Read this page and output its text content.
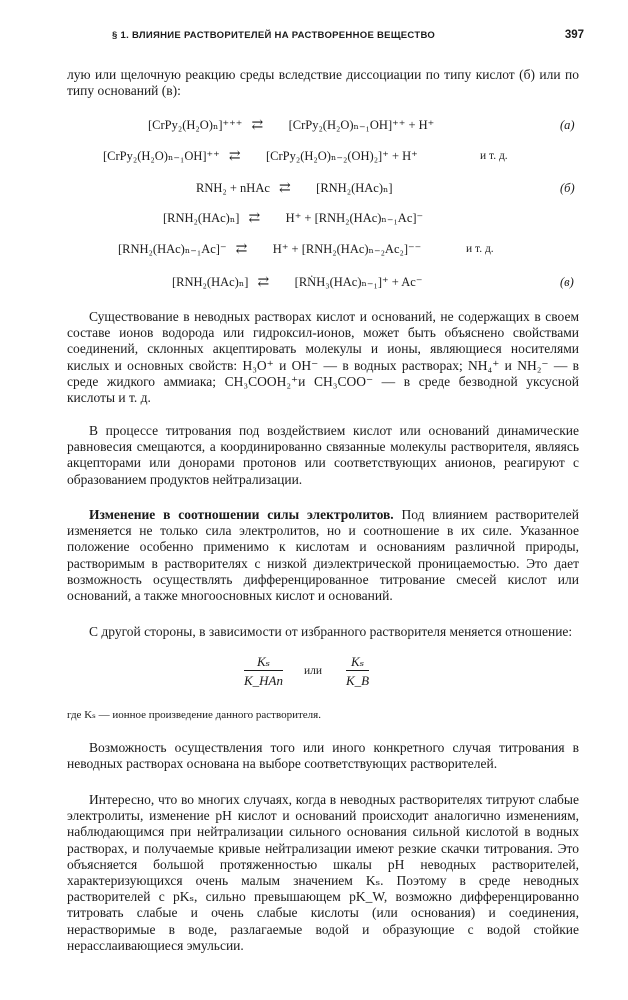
§ 1. ВЛИЯНИЕ РАСТВОРИТЕЛЕЙ НА РАСТВОРЕННОЕ ВЕЩЕСТВО	397
лую или щелочную реакцию среды вследствие диссоциации по типу кислот (б) или по типу оснований (в):
[CrPy₂(H₂O)ₙ]⁺⁺⁺ ⇄ [CrPy₂(H₂O)ₙ₋₁OH]⁺⁺ + H⁺	(а)
[CrPy₂(H₂O)ₙ₋₁OH]⁺⁺ ⇄ [CrPy₂(H₂O)ₙ₋₂(OH)₂]⁺ + H⁺	и т. д.
RNH₂ + nHAc ⇄ [RNH₂(HAc)ₙ]	(б)
[RNH₂(HAc)ₙ] ⇄ H⁺ + [RNH₂(HAc)ₙ₋₁Ac]⁻
[RNH₂(HAc)ₙ₋₁Ac]⁻ ⇄ H⁺ + [RNH₂(HAc)ₙ₋₂Ac₂]⁻⁻	и т. д.
[RNH₂(HAc)ₙ] ⇄ [RṄH₃(HAc)ₙ₋₁]⁺ + Ac⁻	(в)
Существование в неводных растворах кислот и оснований, не содержащих в своем составе ионов водорода или гидроксил-ионов, может быть объяснено свойствами соединений, склонных акцептировать молекулы и ионы, являющиеся носителями кислых и основных свойств: H₃O⁺ и OH⁻ — в водных растворах; NH₄⁺ и NH₂⁻ — в среде жидкого аммиака; CH₃COOH₂⁺и CH₃COO⁻ — в среде безводной уксусной кислоты и т. д.
В процессе титрования под воздействием кислот или оснований динамические равновесия смещаются, а координированно связанные молекулы растворителя, являясь акцепторами или донорами протонов или соответствующих анионов, реагируют с образованием продуктов нейтрализации.
Изменение в соотношении силы электролитов. Под влиянием растворителей изменяется не только сила электролитов, но и соотношение в их силе. Указанное положение особенно применимо к кислотам и основаниям различной природы, растворимым в растворителях с низкой диэлектрической проницаемостью. Это дает возможность осуществлять дифференцированное титрование смесей кислот или оснований, а также многоосновных кислот и оснований.
С другой стороны, в зависимости от избранного растворителя меняется отношение:
Kₛ
K_HAn
или $\frac{\text{Kₛ}}{K\_B}$
где Kₛ — ионное произведение данного растворителя.
Возможность осуществления того или иного конкретного случая титрования в неводных растворах основана на выборе соответствующих растворителей.
Интересно, что во многих случаях, когда в неводных растворителях титруют слабые электролиты, изменение pH кислот и оснований происходит аналогично изменениям, наблюдающимся при нейтрализации сильного основания сильной кислотой в водных растворах, и получаемые кривые нейтрализации имеют резкие скачки титрования. Это объясняется большой протяженностью шкалы pH неводных растворителей, характеризующихся очень малым значением Kₛ. Поэтому в среде неводных растворителей с pKₛ, сильно превышающем pK_W, возможно дифференцированно титровать слабые и очень слабые кислоты (или основания) и соединения, нерастворимые в воде, разлагаемые водой и образующие с водой стойкие нерасслаивающиеся эмульсии.
